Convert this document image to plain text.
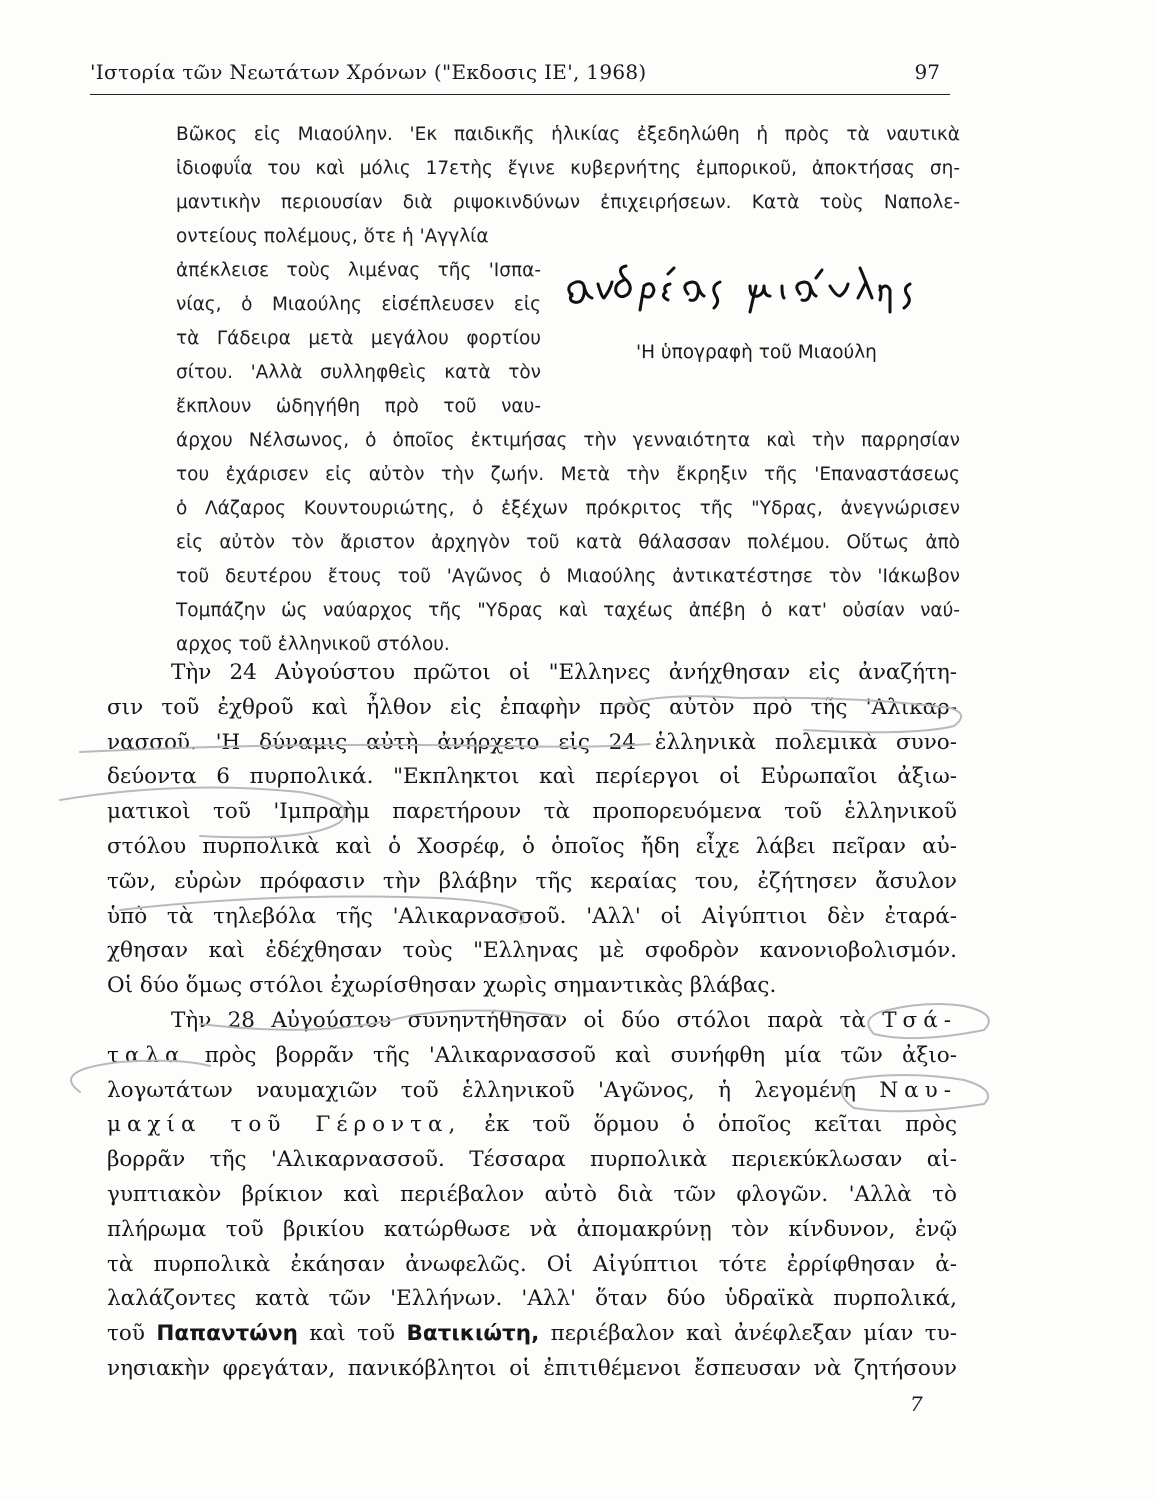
'Ιστορία τῶν Νεωτάτων Χρόνων ("Εκδοσις ΙΕ', 1968)	97
Βῶκος εἰς Μιαούλην. 'Εκ παιδικῆς ἡλικίας ἐξεδηλώθη ἡ πρὸς τὰ ναυτικὰ
ἰδιοφυΐα του καὶ μόλις 17ετὴς ἔγινε κυβερνήτης ἐμπορικοῦ, ἀποκτήσας ση-
μαντικὴν περιουσίαν διὰ ριψοκινδύνων ἐπιχειρήσεων. Κατὰ τοὺς Ναπολε-
οντείους πολέμους, ὅτε ἡ 'Αγγλία
ἀπέκλεισε τοὺς λιμένας τῆς 'Ισπα-
νίας, ὁ Μιαούλης εἰσέπλευσεν εἰς
τὰ Γάδειρα μετὰ μεγάλου φορτίου
σίτου. 'Αλλὰ συλληφθεὶς κατὰ τὸν
ἔκπλουν ὡδηγήθη πρὸ τοῦ ναυ-
άρχου Νέλσωνος, ὁ ὁποῖος ἐκτιμήσας τὴν γενναιότητα καὶ τὴν παρρησίαν
του ἐχάρισεν εἰς αὐτὸν τὴν ζωήν. Μετὰ τὴν ἔκρηξιν τῆς 'Επαναστάσεως
ὁ Λάζαρος Κουντουριώτης, ὁ ἐξέχων πρόκριτος τῆς "Υδρας, ἀνεγνώρισεν
εἰς αὐτὸν τὸν ἄριστον ἀρχηγὸν τοῦ κατὰ θάλασσαν πολέμου. Οὕτως ἀπὸ
τοῦ δευτέρου ἔτους τοῦ 'Αγῶνος ὁ Μιαούλης ἀντικατέστησε τὸν 'Ιάκωβον
Τομπάζην ὡς ναύαρχος τῆς "Υδρας καὶ ταχέως ἀπέβη ὁ κατ' οὐσίαν ναύ-
αρχος τοῦ ἑλληνικοῦ στόλου.
ἀνδρέας μιαούλης
'Η ὑπογραφὴ τοῦ Μιαούλη
Τὴν 24 Αὐγούστου πρῶτοι οἱ "Ελληνες ἀνήχθησαν εἰς ἀναζήτη-
σιν τοῦ ἐχθροῦ καὶ ἦλθον εἰς ἐπαφὴν πρὸς αὐτὸν πρὸ τῆς 'Αλικαρ-
νασσοῦ. 'Η δύναμις αὐτὴ ἀνήρχετο εἰς 24 ἑλληνικὰ πολεμικὰ συνο-
δεύοντα 6 πυρπολικά. "Εκπληκτοι καὶ περίεργοι οἱ Εὐρωπαῖοι ἀξιω-
ματικοὶ τοῦ 'Ιμπραὴμ παρετήρουν τὰ προπορευόμενα τοῦ ἑλληνικοῦ
στόλου πυρπολικὰ καὶ ὁ Χοσρέφ, ὁ ὁποῖος ἤδη εἶχε λάβει πεῖραν αὐ-
τῶν, εὑρὼν πρόφασιν τὴν βλάβην τῆς κεραίας του, ἐζήτησεν ἄσυλον
ὑπὸ τὰ τηλεβόλα τῆς 'Αλικαρνασσοῦ. 'Αλλ' οἱ Αἰγύπτιοι δὲν ἐταρά-
χθησαν καὶ ἐδέχθησαν τοὺς "Ελληνας μὲ σφοδρὸν κανονιοβολισμόν.
Οἱ δύο ὅμως στόλοι ἐχωρίσθησαν χωρὶς σημαντικὰς βλάβας.
Τὴν 28 Αὐγούστου συνηντήθησαν οἱ δύο στόλοι παρὰ τὰ Τσά-
ταλα πρὸς βορρᾶν τῆς 'Αλικαρνασσοῦ καὶ συνήφθη μία τῶν ἀξιο-
λογωτάτων ναυμαχιῶν τοῦ ἑλληνικοῦ 'Αγῶνος, ἡ λεγομένη Ναυ-
μαχία τοῦ Γέροντα, ἐκ τοῦ ὅρμου ὁ ὁποῖος κεῖται πρὸς
βορρᾶν τῆς 'Αλικαρνασσοῦ. Τέσσαρα πυρπολικὰ περιεκύκλωσαν αἰ-
γυπτιακὸν βρίκιον καὶ περιέβαλον αὐτὸ διὰ τῶν φλογῶν. 'Αλλὰ τὸ
πλήρωμα τοῦ βρικίου κατώρθωσε νὰ ἀπομακρύνῃ τὸν κίνδυνον, ἐνῷ
τὰ πυρπολικὰ ἐκάησαν ἀνωφελῶς. Οἱ Αἰγύπτιοι τότε ἐρρίφθησαν ἀ-
λαλάζοντες κατὰ τῶν 'Ελλήνων. 'Αλλ' ὅταν δύο ὑδραϊκὰ πυρπολικά,
τοῦ Παπαντώνη καὶ τοῦ Βατικιώτη, περιέβαλον καὶ ἀνέφλεξαν μίαν τυ-
νησιακὴν φρεγάταν, πανικόβλητοι οἱ ἐπιτιθέμενοι ἔσπευσαν νὰ ζητήσουν
7
